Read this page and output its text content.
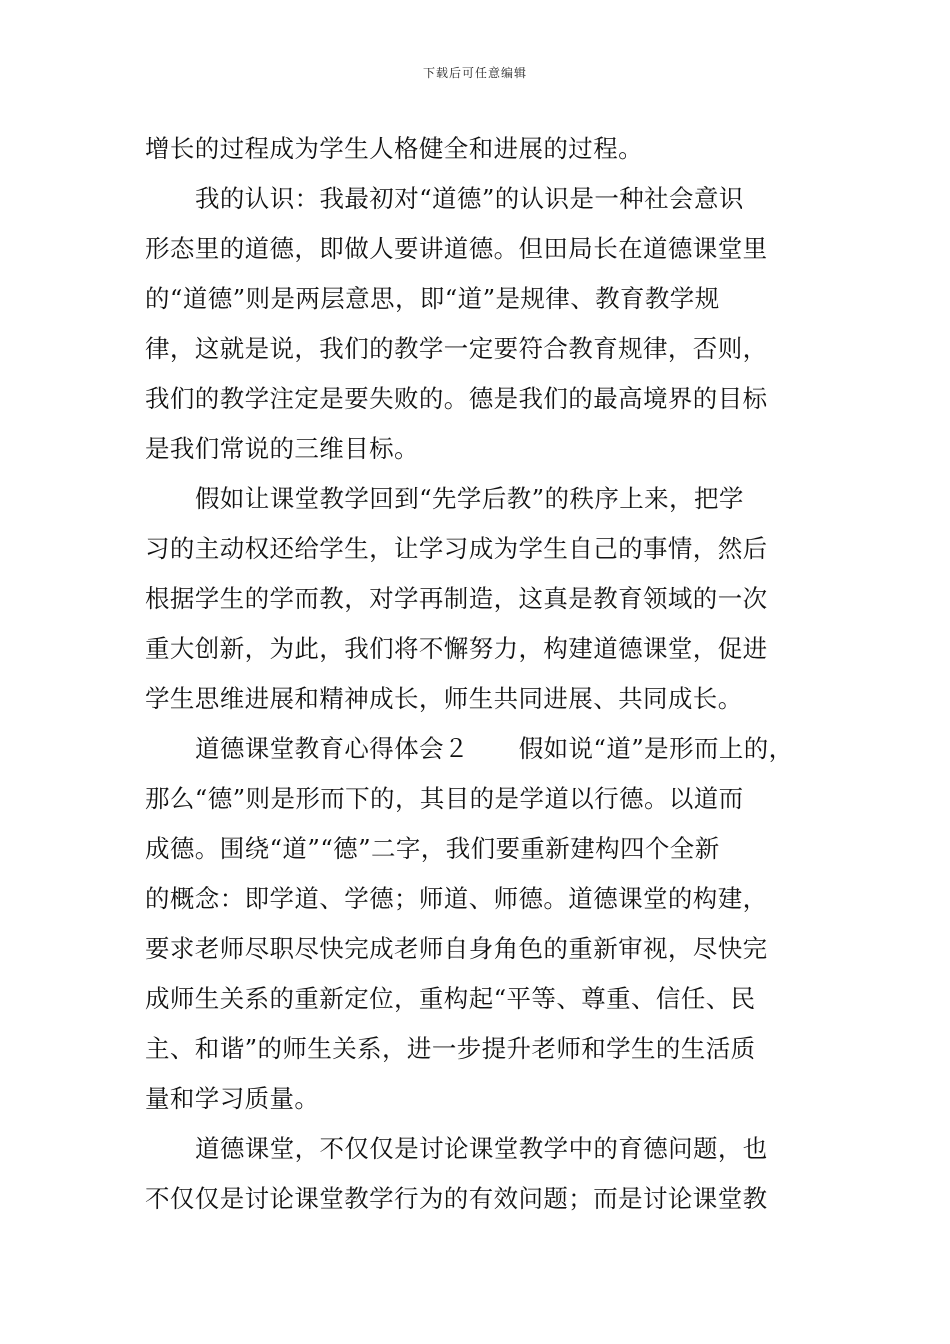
下载后可任意编辑
增长的过程成为学生人格健全和进展的过程。
我的认识：我最初对“道德”的认识是一种社会意识
形态里的道德，即做人要讲道德。但田局长在道德课堂里
的“道德”则是两层意思，即“道”是规律、教育教学规
律，这就是说，我们的教学一定要符合教育规律，否则，
我们的教学注定是要失败的。德是我们的最高境界的目标
是我们常说的三维目标。
假如让课堂教学回到“先学后教”的秩序上来，把学
习的主动权还给学生，让学习成为学生自己的事情，然后
根据学生的学而教，对学再制造，这真是教育领域的一次
重大创新，为此，我们将不懈努力，构建道德课堂，促进
学生思维进展和精神成长，师生共同进展、共同成长。
道德课堂教育心得体会２　　假如说“道”是形而上的，
那么“德”则是形而下的，其目的是学道以行德。以道而
成德。围绕“道”“德”二字，我们要重新建构四个全新
的概念：即学道、学德；师道、师德。道德课堂的构建，
要求老师尽职尽快完成老师自身角色的重新审视，尽快完
成师生关系的重新定位，重构起“平等、尊重、信任、民
主、和谐”的师生关系，进一步提升老师和学生的生活质
量和学习质量。
道德课堂，不仅仅是讨论课堂教学中的育德问题，也
不仅仅是讨论课堂教学行为的有效问题；而是讨论课堂教
